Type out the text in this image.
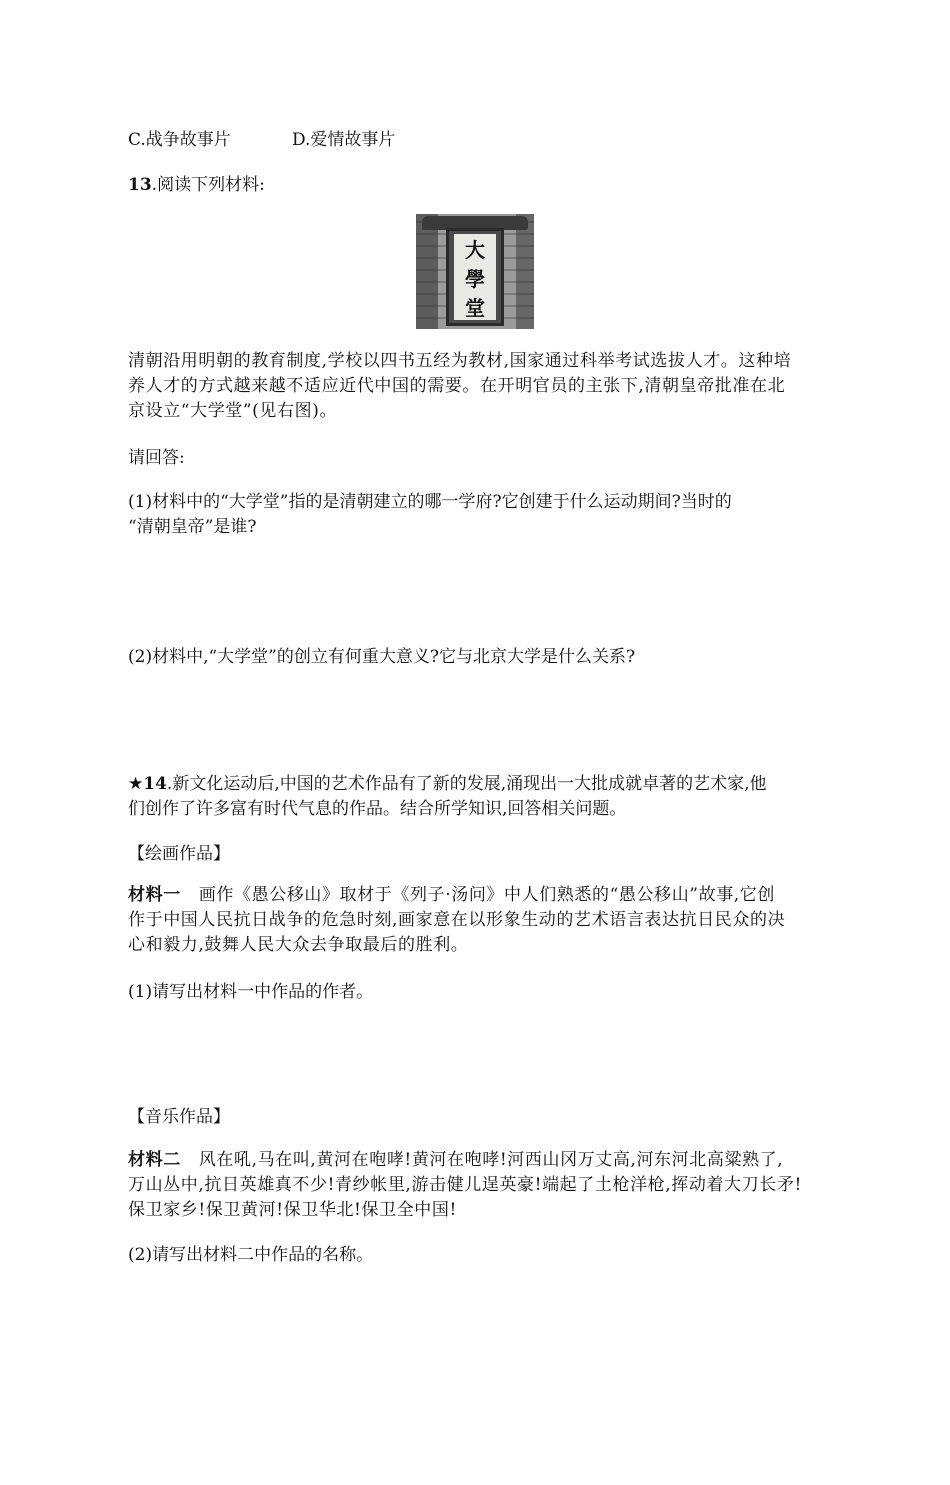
C.战争故事片	D.爱情故事片
13.阅读下列材料:
大
學
堂
清朝沿用明朝的教育制度,学校以四书五经为教材,国家通过科举考试选拔人才。这种培
养人才的方式越来越不适应近代中国的需要。在开明官员的主张下,清朝皇帝批准在北
京设立“大学堂”(见右图)。
请回答:
(1)材料中的“大学堂”指的是清朝建立的哪一学府?它创建于什么运动期间?当时的
“清朝皇帝”是谁?
(2)材料中,“大学堂”的创立有何重大意义?它与北京大学是什么关系?
★14.新文化运动后,中国的艺术作品有了新的发展,涌现出一大批成就卓著的艺术家,他
们创作了许多富有时代气息的作品。结合所学知识,回答相关问题。
【绘画作品】
材料一 画作《愚公移山》取材于《列子·汤问》中人们熟悉的“愚公移山”故事,它创
作于中国人民抗日战争的危急时刻,画家意在以形象生动的艺术语言表达抗日民众的决
心和毅力,鼓舞人民大众去争取最后的胜利。
(1)请写出材料一中作品的作者。
【音乐作品】
材料二 风在吼,马在叫,黄河在咆哮!黄河在咆哮!河西山冈万丈高,河东河北高粱熟了,
万山丛中,抗日英雄真不少!青纱帐里,游击健儿逞英豪!端起了土枪洋枪,挥动着大刀长矛!
保卫家乡!保卫黄河!保卫华北!保卫全中国!
(2)请写出材料二中作品的名称。
